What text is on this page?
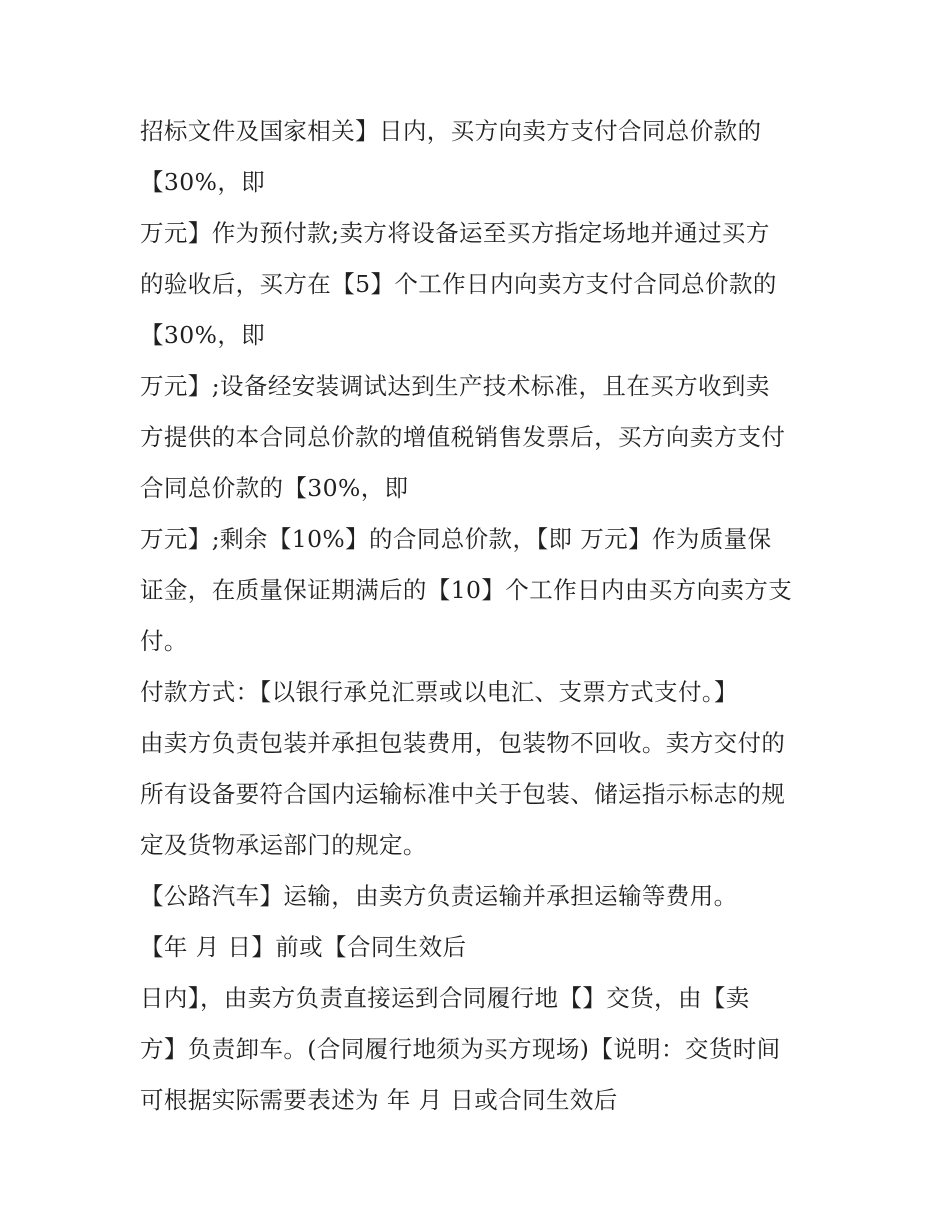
招标文件及国家相关】日内，买方向卖方支付合同总价款的
【30%，即
万元】作为预付款;卖方将设备运至买方指定场地并通过买方
的验收后，买方在【5】个工作日内向卖方支付合同总价款的
【30%，即
万元】;设备经安装调试达到生产技术标准，且在买方收到卖
方提供的本合同总价款的增值税销售发票后，买方向卖方支付
合同总价款的【30%，即
万元】;剩余【10%】的合同总价款，【即 万元】作为质量保
证金，在质量保证期满后的【10】个工作日内由买方向卖方支
付。
付款方式：【以银行承兑汇票或以电汇、支票方式支付。】
由卖方负责包装并承担包装费用，包装物不回收。卖方交付的
所有设备要符合国内运输标准中关于包装、储运指示标志的规
定及货物承运部门的规定。
【公路汽车】运输，由卖方负责运输并承担运输等费用。
【年 月 日】前或【合同生效后
日内】，由卖方负责直接运到合同履行地【】交货，由【卖
方】负责卸车。(合同履行地须为买方现场)【说明：交货时间
可根据实际需要表述为 年 月 日或合同生效后
